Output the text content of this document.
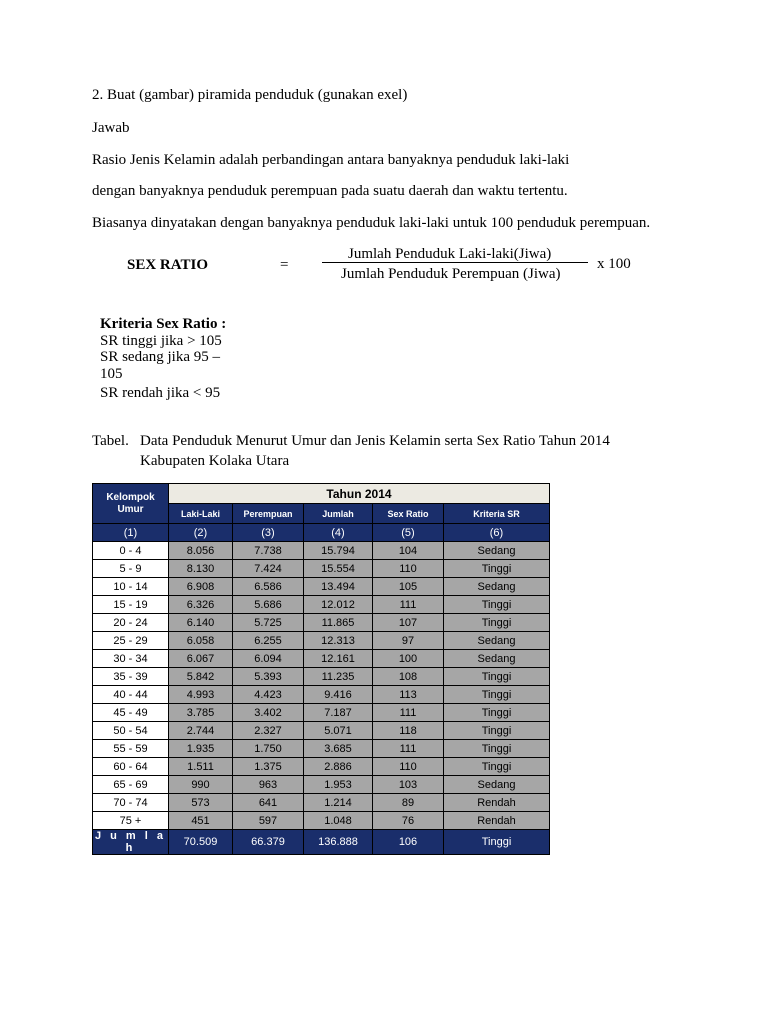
2. Buat (gambar) piramida penduduk (gunakan exel)
Jawab
Rasio Jenis Kelamin adalah perbandingan antara banyaknya penduduk laki-laki
dengan banyaknya penduduk perempuan pada suatu daerah dan waktu tertentu.
Biasanya dinyatakan dengan banyaknya penduduk laki-laki untuk 100 penduduk perempuan.
SEX RATIO	=
Jumlah Penduduk Laki-laki(Jiwa)
Jumlah Penduduk Perempuan (Jiwa)
x 100
Kriteria Sex Ratio :
SR tinggi jika > 105
SR sedang jika 95 –
105
SR rendah jika < 95
Tabel. Data Penduduk Menurut Umur dan Jenis Kelamin serta Sex Ratio Tahun 2014
Kabupaten Kolaka Utara
Kelompok Umur	Tahun 2014				
	Laki-Laki	Perempuan	Jumlah	Sex Ratio	Kriteria SR
(1)	(2)	(3)	(4)	(5)	(6)
0 - 4	8.056	7.738	15.794	104	Sedang
5 - 9	8.130	7.424	15.554	110	Tinggi
10 - 14	6.908	6.586	13.494	105	Sedang
15 - 19	6.326	5.686	12.012	111	Tinggi
20 - 24	6.140	5.725	11.865	107	Tinggi
25 - 29	6.058	6.255	12.313	97	Sedang
30 - 34	6.067	6.094	12.161	100	Sedang
35 - 39	5.842	5.393	11.235	108	Tinggi
40 - 44	4.993	4.423	9.416	113	Tinggi
45 - 49	3.785	3.402	7.187	111	Tinggi
50 - 54	2.744	2.327	5.071	118	Tinggi
55 - 59	1.935	1.750	3.685	111	Tinggi
60 - 64	1.511	1.375	2.886	110	Tinggi
65 - 69	990	963	1.953	103	Sedang
70 - 74	573	641	1.214	89	Rendah
75 +	451	597	1.048	76	Rendah
J u m l a h	70.509	66.379	136.888	106	Tinggi
